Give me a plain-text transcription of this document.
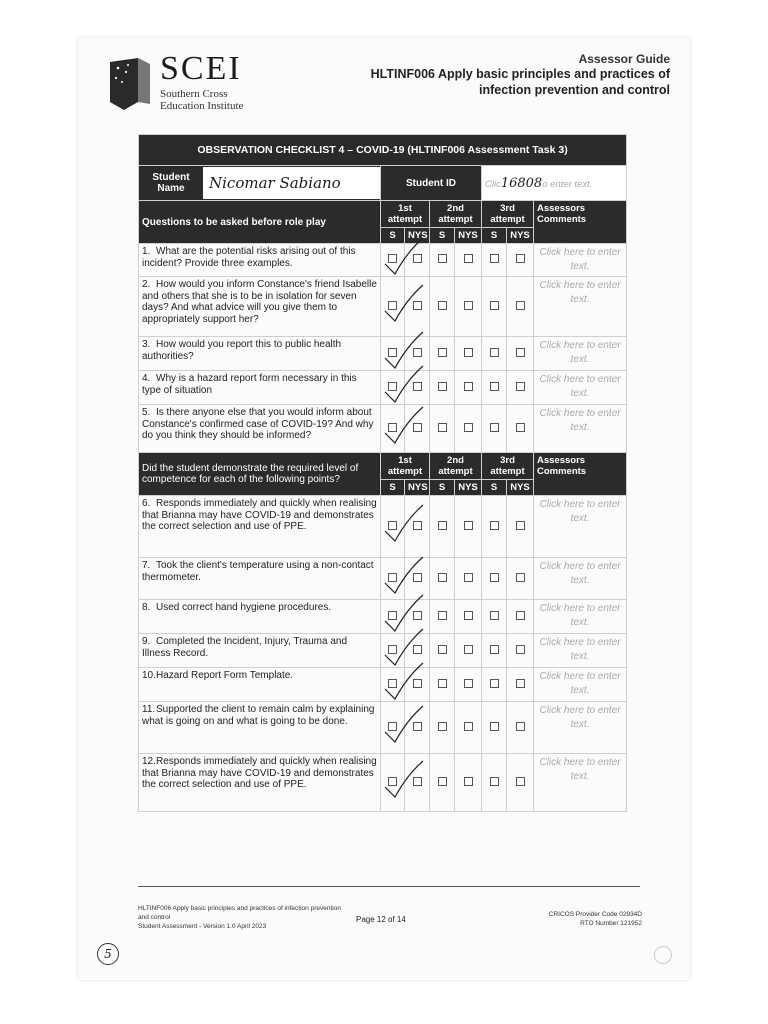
SCEI
Southern Cross
Education Institute
Assessor Guide
HLTINF006 Apply basic principles and practices of
infection prevention and control
OBSERVATION CHECKLIST 4 – COVID-19 (HLTINF006 Assessment Task 3)							

Student Name Nicomar Sabiano	Student ID				Clic16808o enter text.		
Questions to be asked before role play	1st attempt		2nd attempt		3rd attempt		Assessors Comments
	S	NYS	S	NYS	S	NYS	
1. What are the potential risks arising out of this incident? Provide three examples.							Click here to enter text.
2. How would you inform Constance's friend Isabelle and others that she is to be in isolation for seven days? And what advice will you give them to appropriately support her?							Click here to enter text.
3. How would you report this to public health authorities?							Click here to enter text.
4. Why is a hazard report form necessary in this type of situation							Click here to enter text.
5. Is there anyone else that you would inform about Constance's confirmed case of COVID-19? And why do you think they should be informed?							Click here to enter text.
Did the student demonstrate the required level of competence for each of the following points?	1st attempt		2nd attempt		3rd attempt		Assessors Comments
	S	NYS	S	NYS	S	NYS	
6. Responds immediately and quickly when realising that Brianna may have COVID-19 and demonstrates the correct selection and use of PPE.							Click here to enter text.
7. Took the client's temperature using a non-contact thermometer.							Click here to enter text.
8. Used correct hand hygiene procedures.							Click here to enter text.
9. Completed the Incident, Injury, Trauma and Illness Record.							Click here to enter text.
10.Hazard Report Form Template.							Click here to enter text.
11.Supported the client to remain calm by explaining what is going on and what is going to be done.							Click here to enter text.
12.Responds immediately and quickly when realising that Brianna may have COVID-19 and demonstrates the correct selection and use of PPE.							Click here to enter text.
HLTINF006 Apply basic principles and practices of infection prevention
and control
Student Assessment - Version 1.0 April 2023
Page 12 of 14
CRICOS Provider Code 02934D
RTO Number 121952
5
